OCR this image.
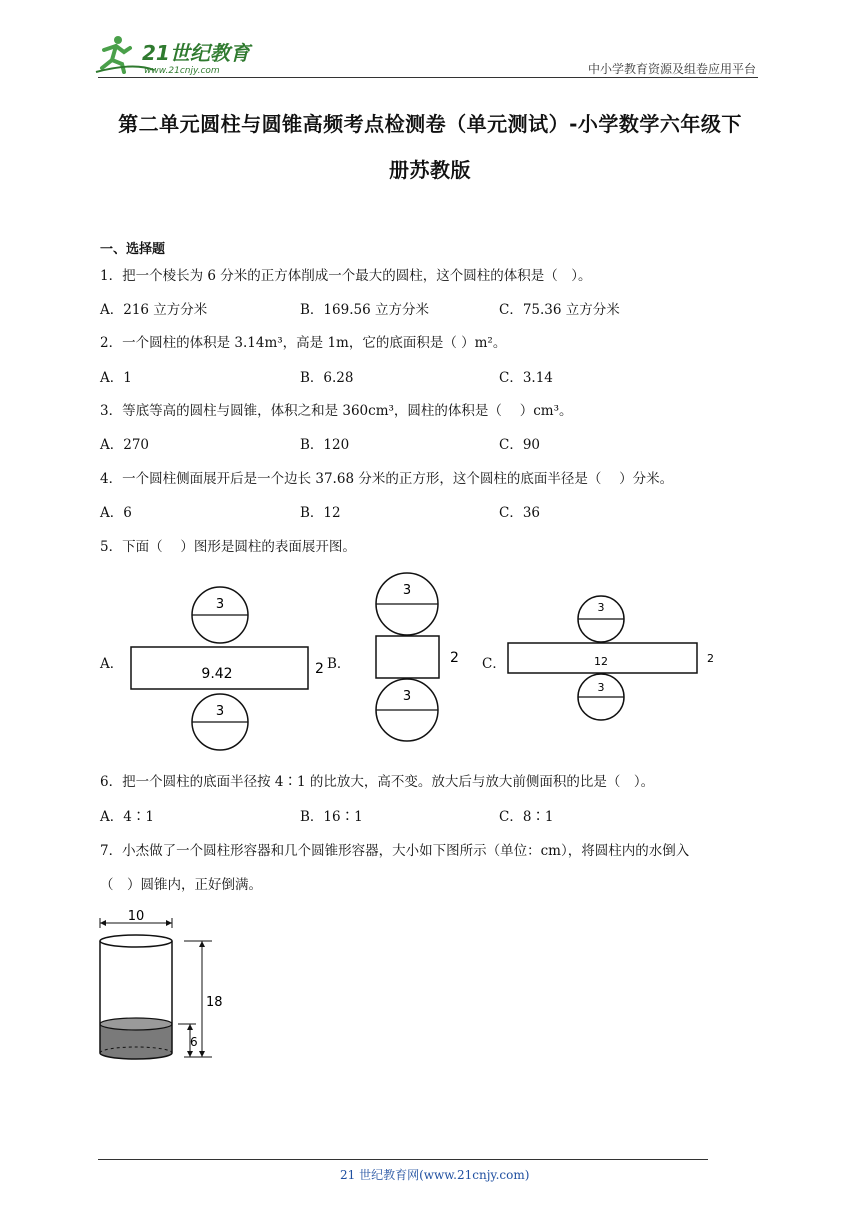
21世纪教育
www.21cnjy.com	中小学教育资源及组卷应用平台
第二单元圆柱与圆锥高频考点检测卷（单元测试）-小学数学六年级下
册苏教版
一、选择题
1．把一个棱长为 6 分米的正方体削成一个最大的圆柱，这个圆柱的体积是（　）。
A．216 立方分米	B．169.56 立方分米	C．75.36 立方分米
2．一个圆柱的体积是 3.14m³，高是 1m，它的底面积是（ ）m²。
A．1	B．6.28	C．3.14
3．等底等高的圆柱与圆锥，体积之和是 360cm³，圆柱的体积是（　 ）cm³。
A．270	B．120	C．90
4．一个圆柱侧面展开后是一个边长 37.68 分米的正方形，这个圆柱的底面半径是（　 ）分米。
A．6	B．12	C．36
5．下面（　 ）图形是圆柱的表面展开图。
A．
3
9.42	2
3
B．
3
2
3
C．
3
12	2
3
6．把一个圆柱的底面半径按 4∶1 的比放大，高不变。放大后与放大前侧面积的比是（　）。
A．4∶1	B．16∶1	C．8∶1
7．小杰做了一个圆柱形容器和几个圆锥形容器，大小如下图所示（单位：cm），将圆柱内的水倒入
（　）圆锥内，正好倒满。
10
18
6
21 世纪教育网(www.21cnjy.com)
